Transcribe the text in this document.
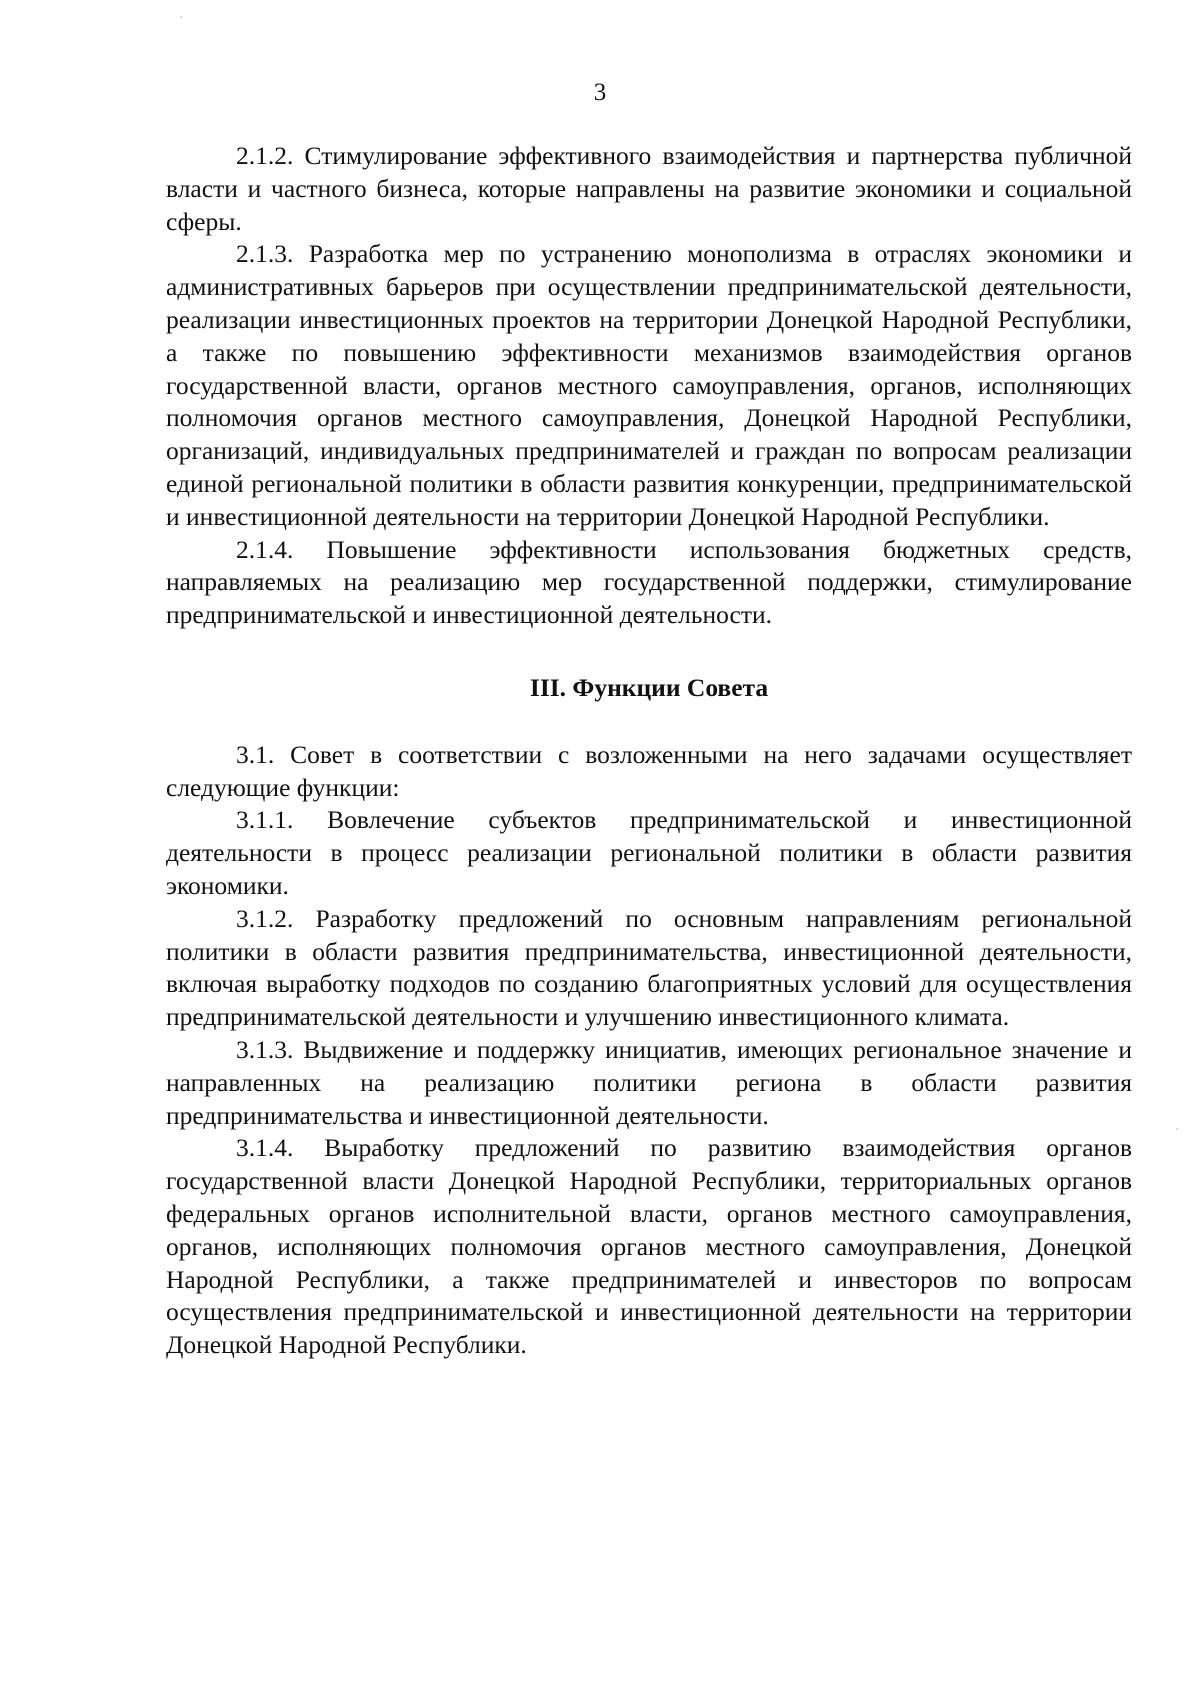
3

2.1.2. Стимулирование эффективного взаимодействия и партнерства публичной власти и частного бизнеса, которые направлены на развитие экономики и социальной сферы.

2.1.3. Разработка мер по устранению монополизма в отраслях экономики и административных барьеров при осуществлении предпринимательской деятельности, реализации инвестиционных проектов на территории Донецкой Народной Республики, а также по повышению эффективности механизмов взаимодействия органов государственной власти, органов местного самоуправления, органов, исполняющих полномочия органов местного самоуправления, Донецкой Народной Республики, организаций, индивидуальных предпринимателей и граждан по вопросам реализации единой региональной политики в области развития конкуренции, предпринимательской и инвестиционной деятельности на территории Донецкой Народной Республики.

2.1.4. Повышение эффективности использования бюджетных средств, направляемых на реализацию мер государственной поддержки, стимулирование предпринимательской и инвестиционной деятельности.

III. Функции Совета

3.1. Совет в соответствии с возложенными на него задачами осуществляет следующие функции:

3.1.1. Вовлечение субъектов предпринимательской и инвестиционной деятельности в процесс реализации региональной политики в области развития экономики.

3.1.2. Разработку предложений по основным направлениям региональной политики в области развития предпринимательства, инвестиционной деятельности, включая выработку подходов по созданию благоприятных условий для осуществления предпринимательской деятельности и улучшению инвестиционного климата.

3.1.3. Выдвижение и поддержку инициатив, имеющих региональное значение и направленных на реализацию политики региона в области развития предпринимательства и инвестиционной деятельности.

3.1.4. Выработку предложений по развитию взаимодействия органов государственной власти Донецкой Народной Республики, территориальных органов федеральных органов исполнительной власти, органов местного самоуправления, органов, исполняющих полномочия органов местного самоуправления, Донецкой Народной Республики, а также предпринимателей и инвесторов по вопросам осуществления предпринимательской и инвестиционной деятельности на территории Донецкой Народной Республики.
